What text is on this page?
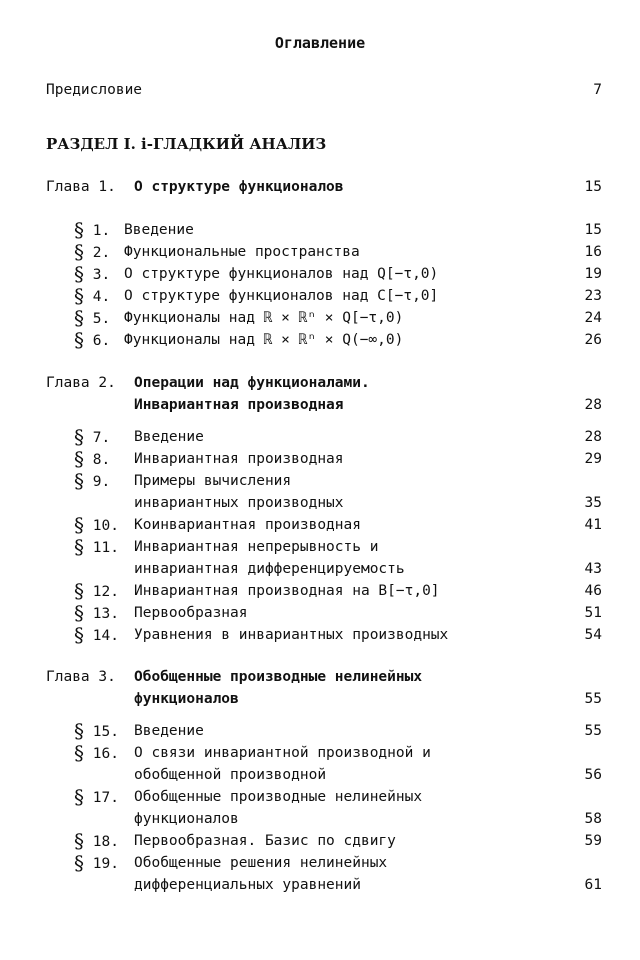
Оглавление
Предисловие	7
РАЗДЕЛ I. i-ГЛАДКИЙ АНАЛИЗ
Глава 1. О структуре функционалов	15
§ 1. Введение	15
§ 2. Функциональные пространства	16
§ 3. О структуре функционалов над Q[−τ,0)	19
§ 4. О структуре функционалов над C[−τ,0]	23
§ 5. Функционалы над ℝ × ℝⁿ × Q[−τ,0)	24
§ 6. Функционалы над ℝ × ℝⁿ × Q(−∞,0)	26
Глава 2. Операции над функционалами.
Инвариантная производная	28
§ 7. Введение	28
§ 8. Инвариантная производная	29
§ 9. Примеры вычисления
инвариантных производных	35
§ 10. Коинвариантная производная	41
§ 11. Инвариантная непрерывность и
инвариантная дифференцируемость	43
§ 12. Инвариантная производная на B[−τ,0]	46
§ 13. Первообразная	51
§ 14. Уравнения в инвариантных производных	54
Глава 3. Обобщенные производные нелинейных
функционалов	55
§ 15. Введение	55
§ 16. О связи инвариантной производной и
обобщенной производной	56
§ 17. Обобщенные производные нелинейных
функционалов	58
§ 18. Первообразная. Базис по сдвигу	59
§ 19. Обобщенные решения нелинейных
дифференциальных уравнений	61
